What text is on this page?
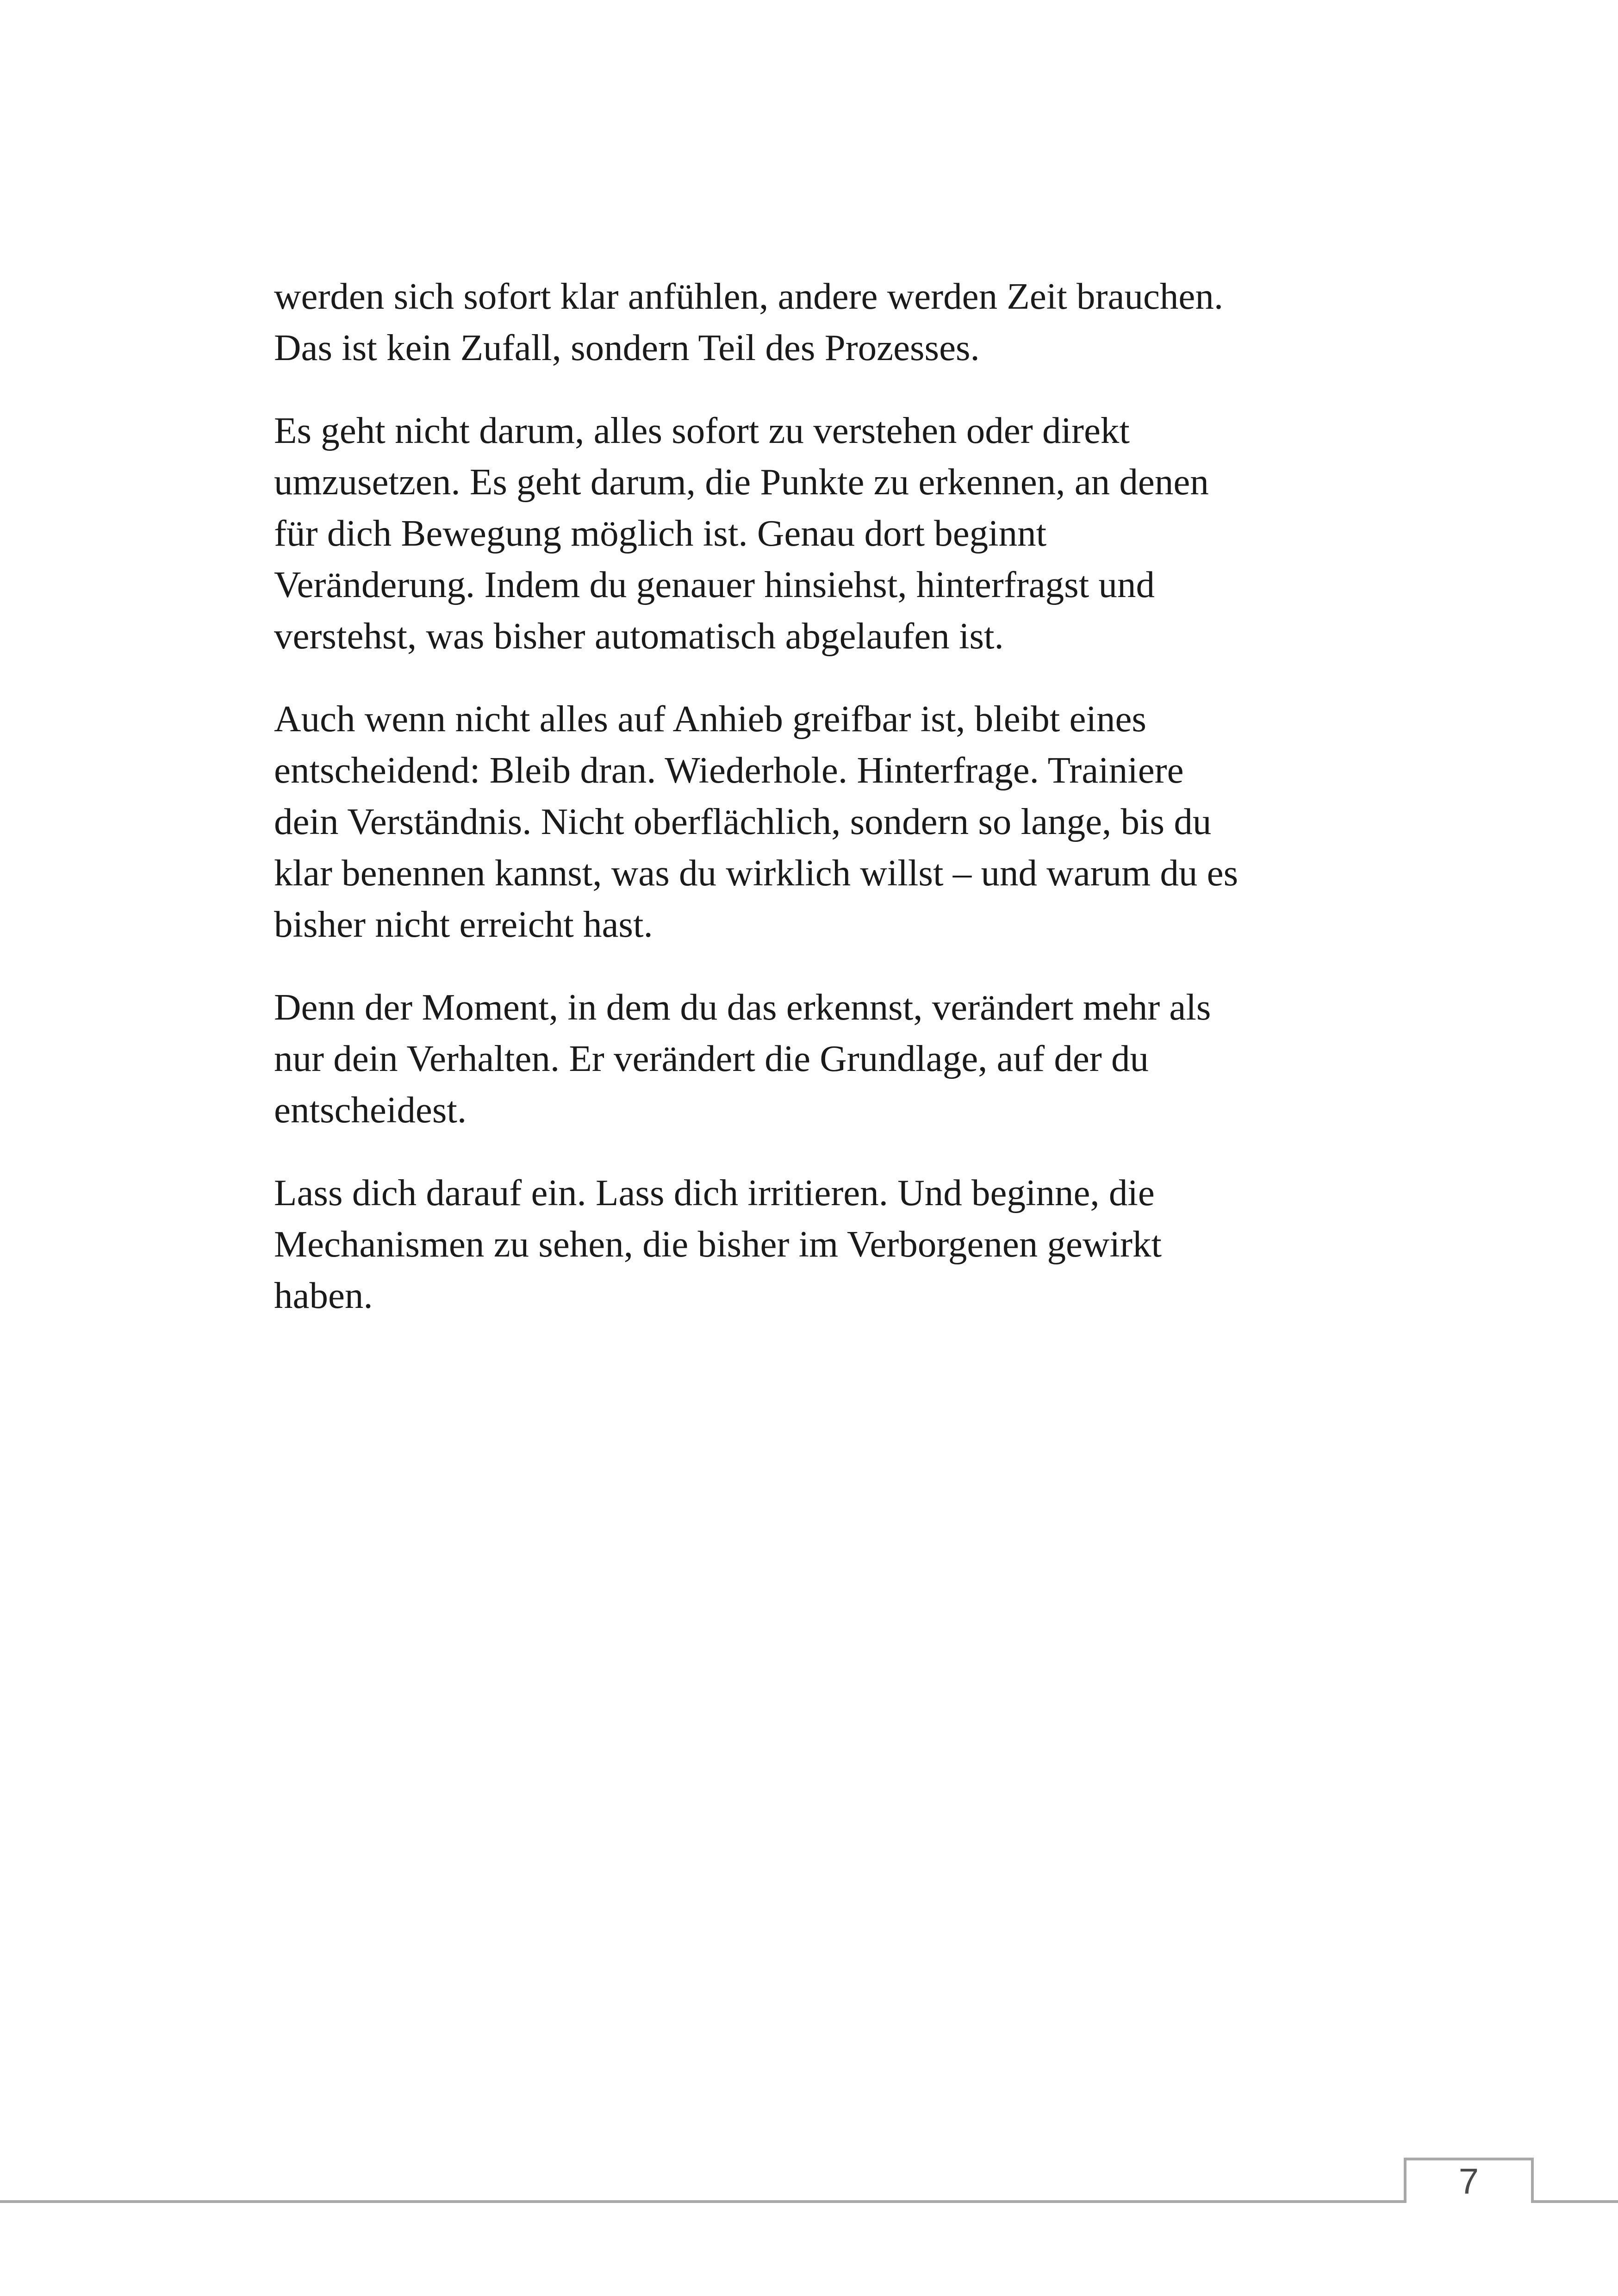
werden sich sofort klar anfühlen, andere werden Zeit brauchen.
Das ist kein Zufall, sondern Teil des Prozesses.

Es geht nicht darum, alles sofort zu verstehen oder direkt
umzusetzen. Es geht darum, die Punkte zu erkennen, an denen
für dich Bewegung möglich ist. Genau dort beginnt
Veränderung. Indem du genauer hinsiehst, hinterfragst und
verstehst, was bisher automatisch abgelaufen ist.

Auch wenn nicht alles auf Anhieb greifbar ist, bleibt eines
entscheidend: Bleib dran. Wiederhole. Hinterfrage. Trainiere
dein Verständnis. Nicht oberflächlich, sondern so lange, bis du
klar benennen kannst, was du wirklich willst – und warum du es
bisher nicht erreicht hast.

Denn der Moment, in dem du das erkennst, verändert mehr als
nur dein Verhalten. Er verändert die Grundlage, auf der du
entscheidest.

Lass dich darauf ein. Lass dich irritieren. Und beginne, die
Mechanismen zu sehen, die bisher im Verborgenen gewirkt
haben.

7
